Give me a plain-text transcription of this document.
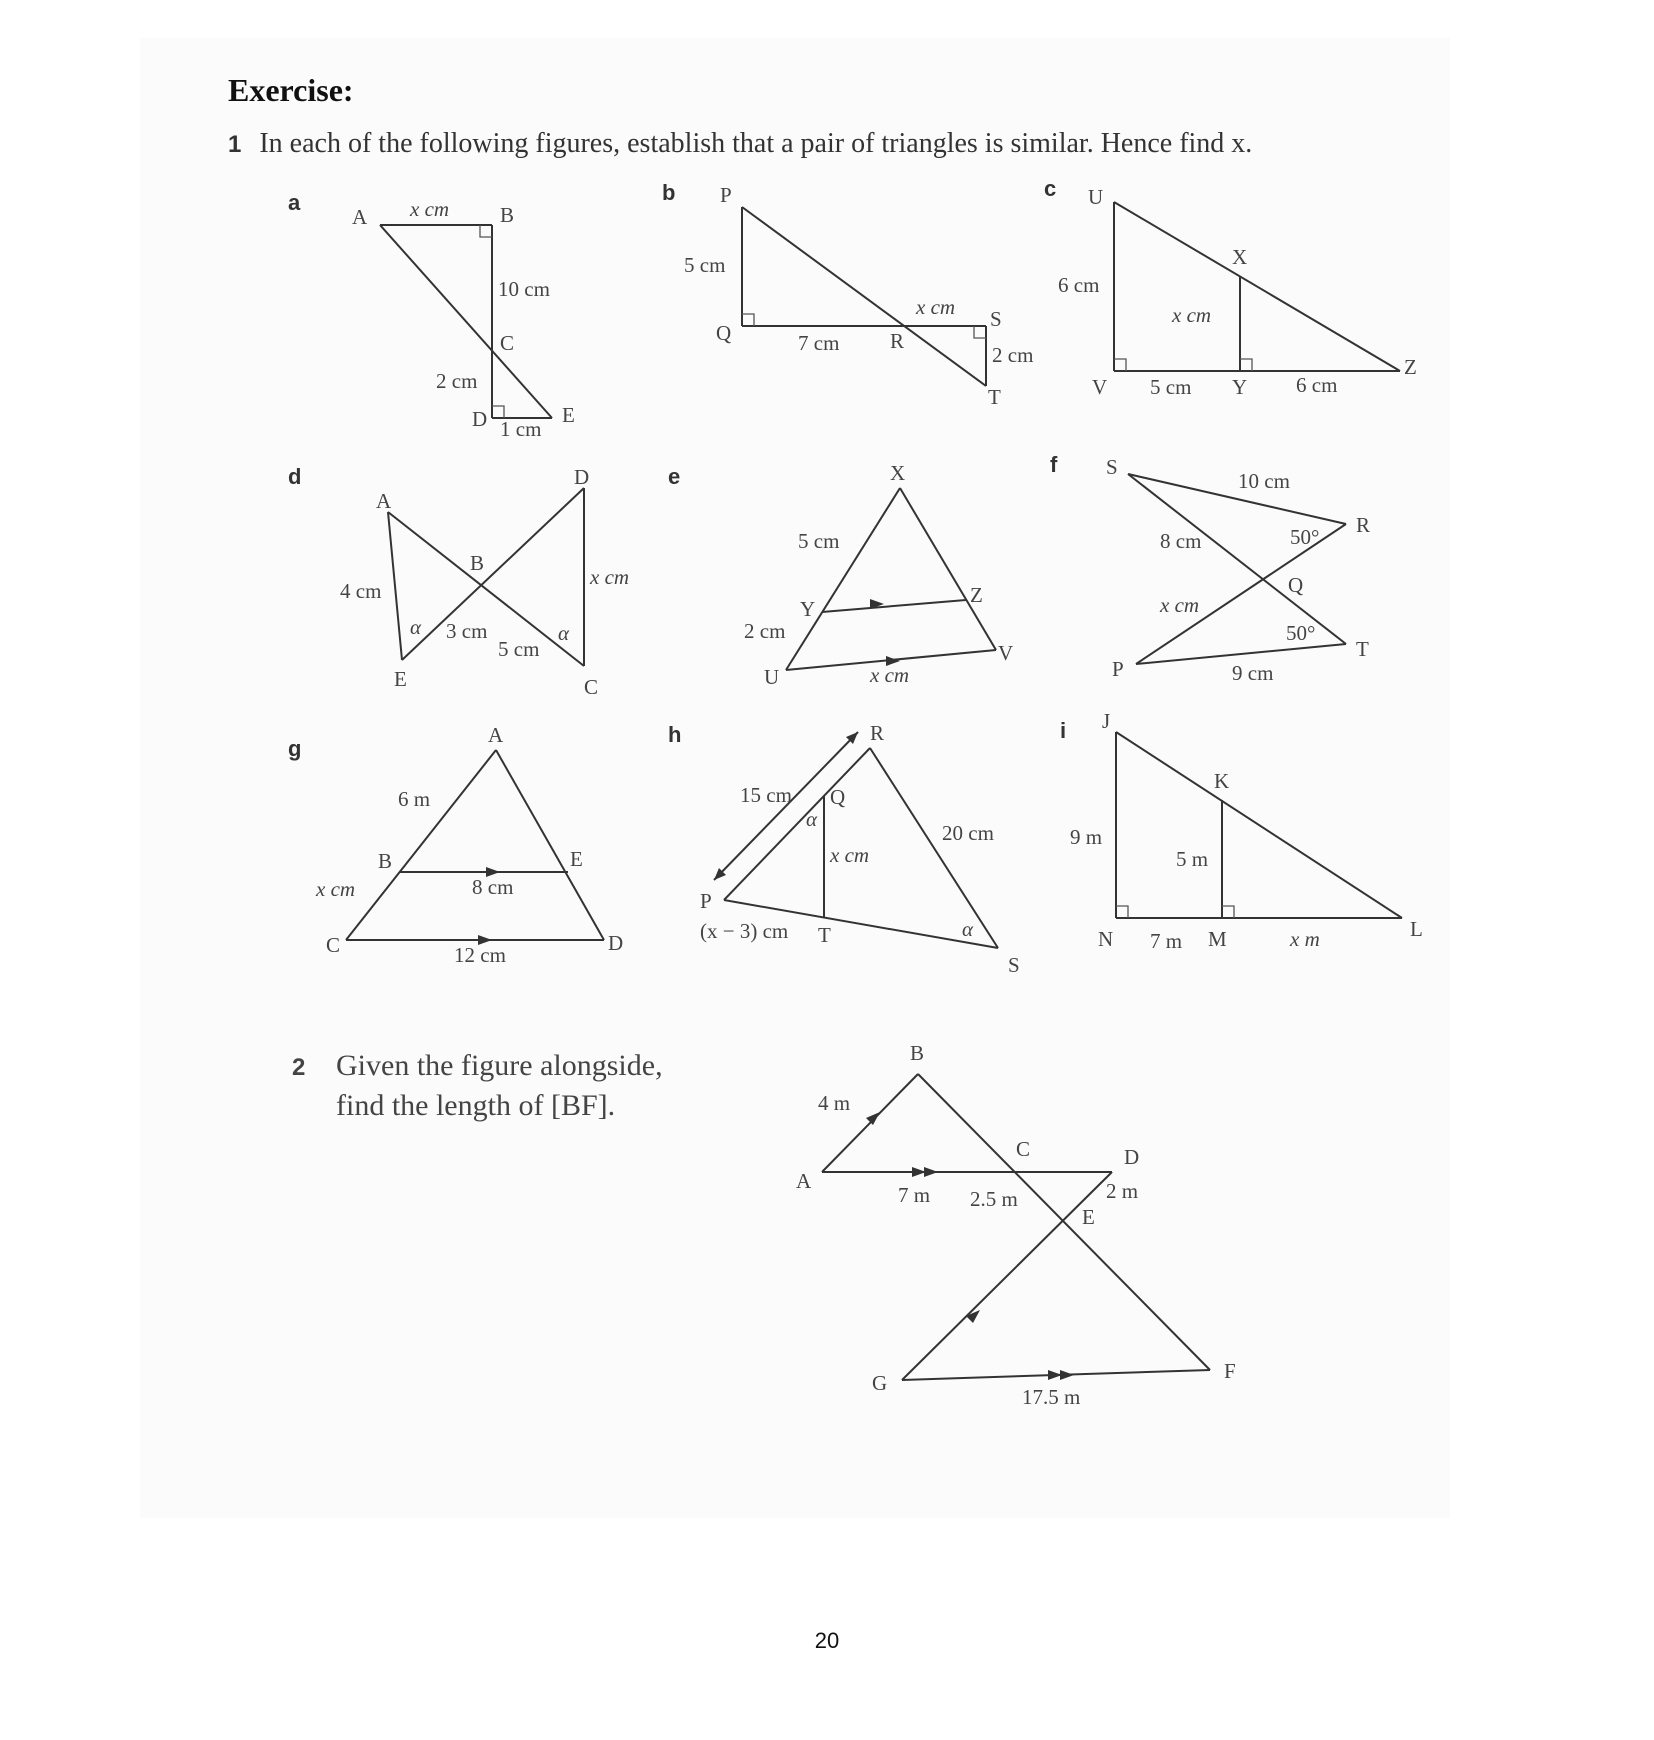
Exercise:
1 In each of the following figures, establish that a pair of triangles is similar. Hence find x.
2	Given the figure alongside,
find the length of [BF].
a
A	B
C
D	E
x cm
10 cm
2 cm
1 cm
b P
Q	R
S
T
5 cm
7 cm
x cm
2 cm
c U
V
X
Y
Z
6 cm
x cm
5 cm	6 cm
d
A
B
C
D
E
4 cm
3 cm
5 cm
x cm
α	α
e	X
Y
Z
U
V
5 cm
2 cm
x cm
f S
R
Q
P
T
10 cm
8 cm
x cm
9 cm
50°
50°
g
A
B
C	D
E
6 m
x cm	8 cm
12 cm
h	R
Q
P
S
T
15 cm
x cm
20 cm
(x − 3) cm
α
α
i J
K
L
M
N
9 m
5 m
7 m	x m
B
A
C	D
E
F
G
4 m
7 m 2.5 m	2 m
17.5 m
20
